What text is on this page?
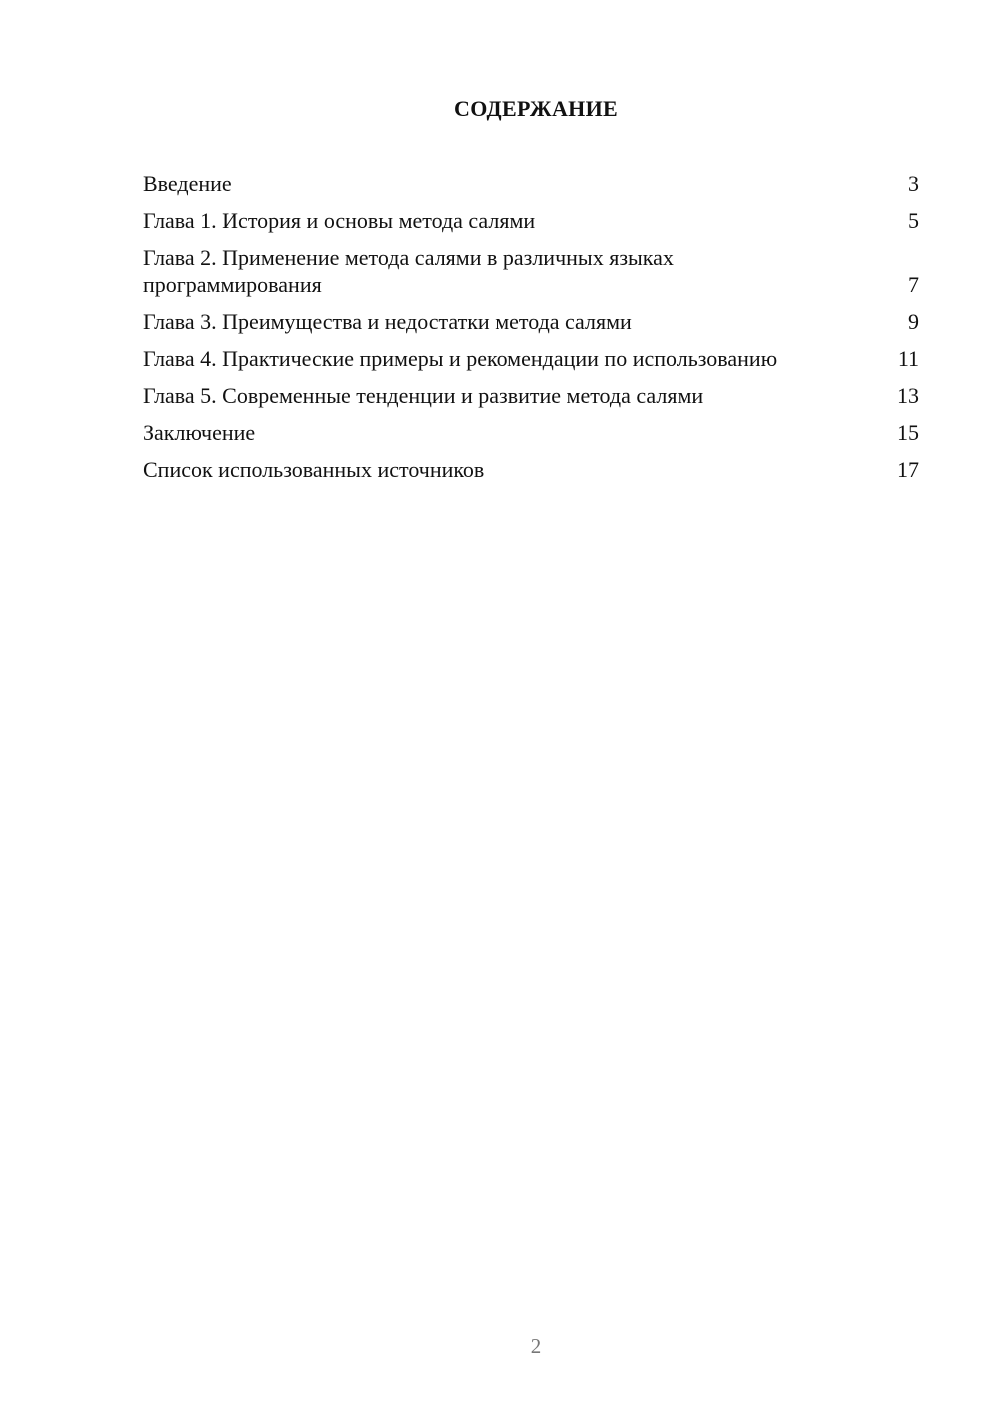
СОДЕРЖАНИЕ
Введение	3
Глава 1. История и основы метода салями	5
Глава 2. Применение метода салями в различных языках программирования	7
Глава 3. Преимущества и недостатки метода салями	9
Глава 4. Практические примеры и рекомендации по использованию	11
Глава 5. Современные тенденции и развитие метода салями	13
Заключение	15
Список использованных источников	17
2
